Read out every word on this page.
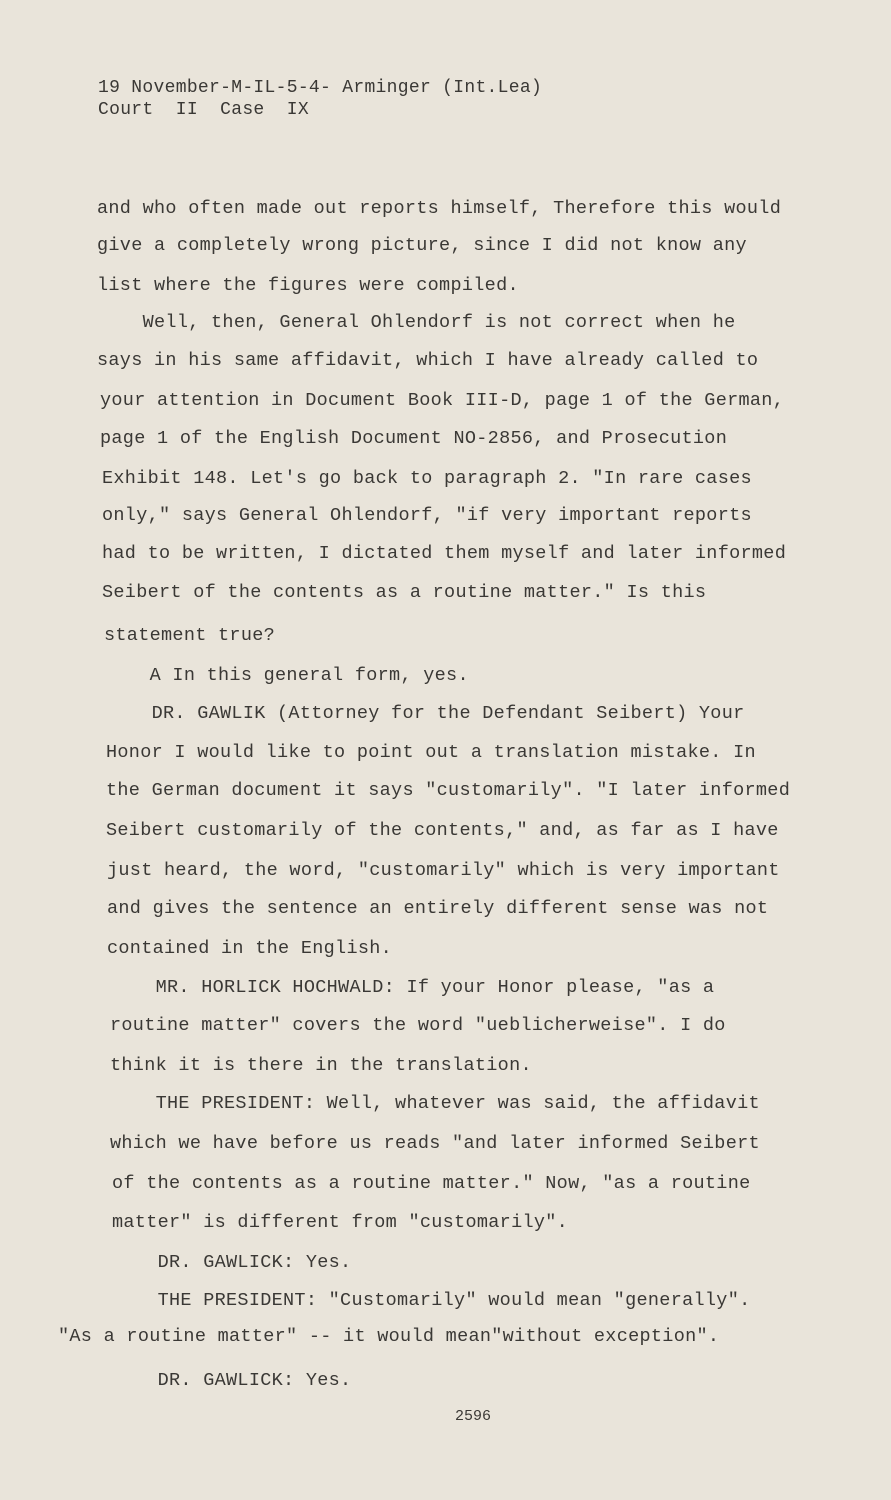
19 November-M-IL-5-4- Arminger (Int.Lea)
Court  II  Case  IX
and who often made out reports himself, Therefore this would
give a completely wrong picture, since I did not know any
list where the figures were compiled.
Well, then, General Ohlendorf is not correct when he
says in his same affidavit, which I have already called to
your attention in Document Book III-D, page 1 of the German,
page 1 of the English Document NO-2856, and Prosecution
Exhibit 148. Let's go back to paragraph 2. "In rare cases
only," says General Ohlendorf, "if very important reports
had to be written, I dictated them myself and later informed
Seibert of the contents as a routine matter." Is this
statement true?
A In this general form, yes.
DR. GAWLIK (Attorney for the Defendant Seibert) Your
Honor I would like to point out a translation mistake. In
the German document it says "customarily". "I later informed
Seibert customarily of the contents," and, as far as I have
just heard, the word, "customarily" which is very important
and gives the sentence an entirely different sense was not
contained in the English.
MR. HORLICK HOCHWALD: If your Honor please, "as a
routine matter" covers the word "ueblicherweise". I do
think it is there in the translation.
THE PRESIDENT: Well, whatever was said, the affidavit
which we have before us reads "and later informed Seibert
of the contents as a routine matter." Now, "as a routine
matter" is different from "customarily".
DR. GAWLICK: Yes.
THE PRESIDENT: "Customarily" would mean "generally".
"As a routine matter" -- it would mean"without exception".
DR. GAWLICK: Yes.
2596
